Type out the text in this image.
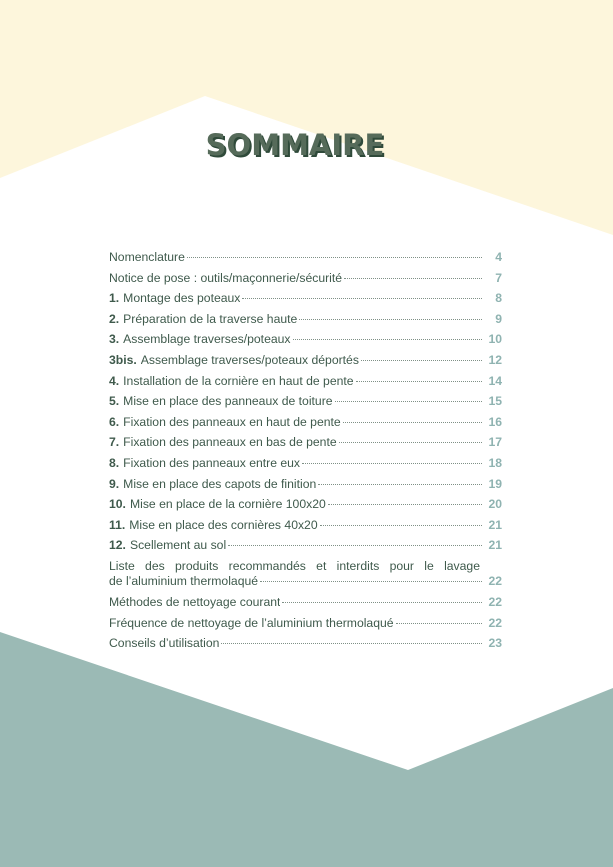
SOMMAIRE
Nomenclature	4
Notice de pose : outils/maçonnerie/sécurité	7
1. Montage des poteaux	8
2. Préparation de la traverse haute	9
3. Assemblage traverses/poteaux	10
3bis. Assemblage traverses/poteaux déportés	12
4. Installation de la cornière en haut de pente	14
5. Mise en place des panneaux de toiture	15
6. Fixation des panneaux en haut de pente	16
7. Fixation des panneaux en bas de pente	17
8. Fixation des panneaux entre eux	18
9. Mise en place des capots de finition	19
10. Mise en place de la cornière 100x20	20
11. Mise en place des cornières 40x20	21
12. Scellement au sol	21
Liste des produits recommandés et interdits pour le lavage
de l’aluminium thermolaqué	22
Méthodes de nettoyage courant	22
Fréquence de nettoyage de l’aluminium thermolaqué	22
Conseils d’utilisation	23
